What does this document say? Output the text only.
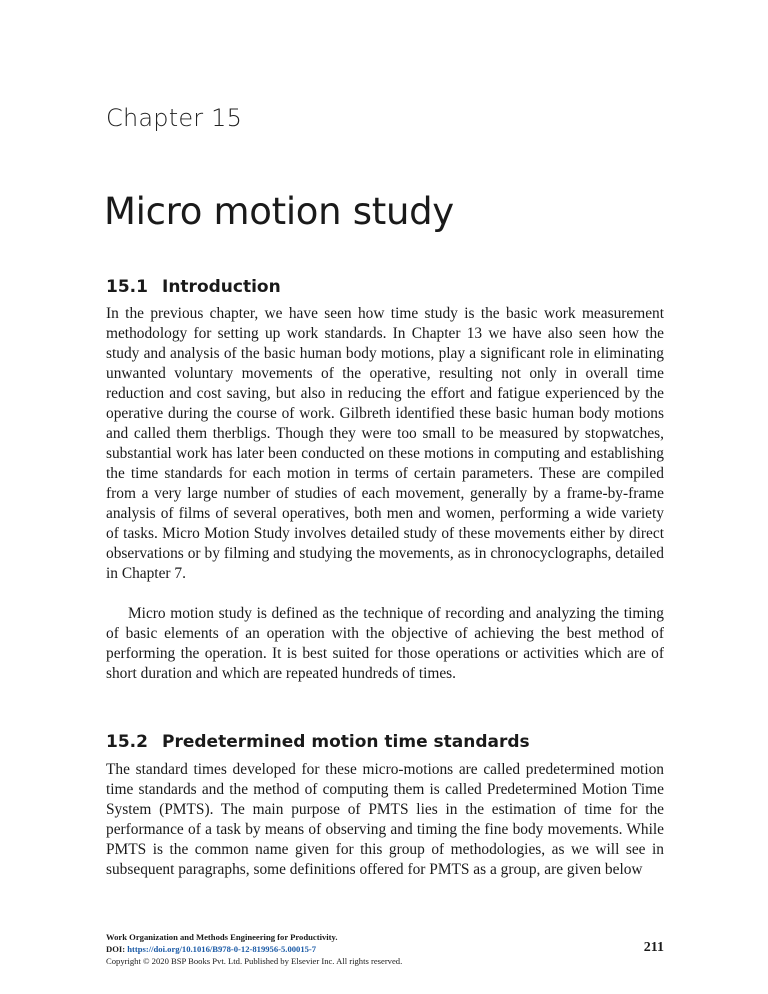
Chapter 15
Micro motion study
15.1 Introduction

In the previous chapter, we have seen how time study is the basic work measurement methodology for setting up work standards. In Chapter 13 we have also seen how the study and analysis of the basic human body motions, play a significant role in eliminating unwanted voluntary movements of the operative, resulting not only in overall time reduction and cost saving, but also in reducing the effort and fatigue experienced by the operative during the course of work. Gilbreth identified these basic human body motions and called them therbligs. Though they were too small to be measured by stopwatches, substantial work has later been conducted on these motions in computing and establishing the time standards for each motion in terms of certain parameters. These are compiled from a very large number of studies of each movement, generally by a frame-by-frame analysis of films of several operatives, both men and women, performing a wide variety of tasks. Micro Motion Study involves detailed study of these movements either by direct observations or by filming and studying the movements, as in chronocyclographs, detailed in Chapter 7.

Micro motion study is defined as the technique of recording and analyzing the timing of basic elements of an operation with the objective of achieving the best method of performing the operation. It is best suited for those operations or activities which are of short duration and which are repeated hundreds of times.

15.2 Predetermined motion time standards

The standard times developed for these micro-motions are called predetermined motion time standards and the method of computing them is called Predetermined Motion Time System (PMTS). The main purpose of PMTS lies in the estimation of time for the performance of a task by means of observing and timing the fine body movements. While PMTS is the common name given for this group of methodologies, as we will see in subsequent paragraphs, some definitions offered for PMTS as a group, are given below

Work Organization and Methods Engineering for Productivity.
DOI: https://doi.org/10.1016/B978-0-12-819956-5.00015-7
Copyright © 2020 BSP Books Pvt. Ltd. Published by Elsevier Inc. All rights reserved.
211
